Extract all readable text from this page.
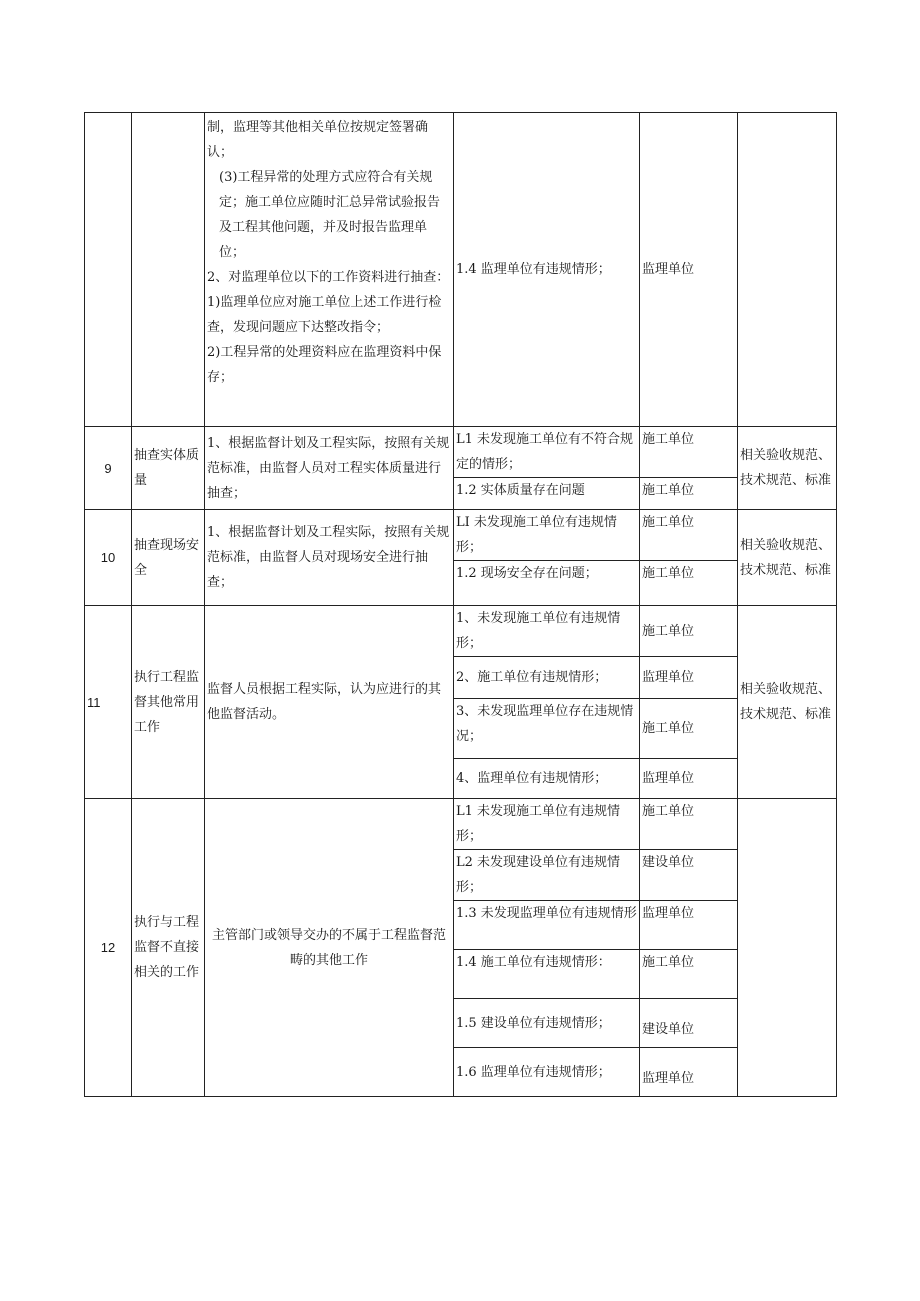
		制，监理等其他相关单位按规定签署确认；

(3)工程异常的处理方式应符合有关规定；施工单位应随时汇总异常试验报告及工程其他问题，并及时报告监理单位；

2、对监理单位以下的工作资料进行抽查：

1)监理单位应对施工单位上述工作进行检查，发现问题应下达整改指令；

2)工程异常的处理资料应在监理资料中保存；	1.4 监理单位有违规情形；	监理单位	
9	抽查实体质量	1、根据监督计划及工程实际，按照有关规范标准，由监督人员对工程实体质量进行抽查；	L1 未发现施工单位有不符合规定的情形；	施工单位	相关验收规范、技术规范、标准
			1.2 实体质量存在问题	施工单位	
10	抽查现场安全	1、根据监督计划及工程实际，按照有关规范标准，由监督人员对现场安全进行抽查；	LI 未发现施工单位有违规情形；	施工单位	相关验收规范、技术规范、标准
			1.2 现场安全存在问题；	施工单位	
11	执行工程监督其他常用工作	监督人员根据工程实际，认为应进行的其他监督活动。	1、未发现施工单位有违规情形；	施工单位	相关验收规范、技术规范、标准
			2、施工单位有违规情形；	监理单位	
			3、未发现监理单位存在违规情况；	施工单位	
			4、监理单位有违规情形；	监理单位	
12	执行与工程监督不直接相关的工作	主管部门或领导交办的不属于工程监督范畴的其他工作	L1 未发现施工单位有违规情形；	施工单位	
			L2 未发现建设单位有违规情形；	建设单位	
			1.3 未发现监理单位有违规情形	监理单位	
			1.4 施工单位有违规情形：	施工单位	
			1.5 建设单位有违规情形；	建设单位	
			1.6 监理单位有违规情形；	监理单位	
